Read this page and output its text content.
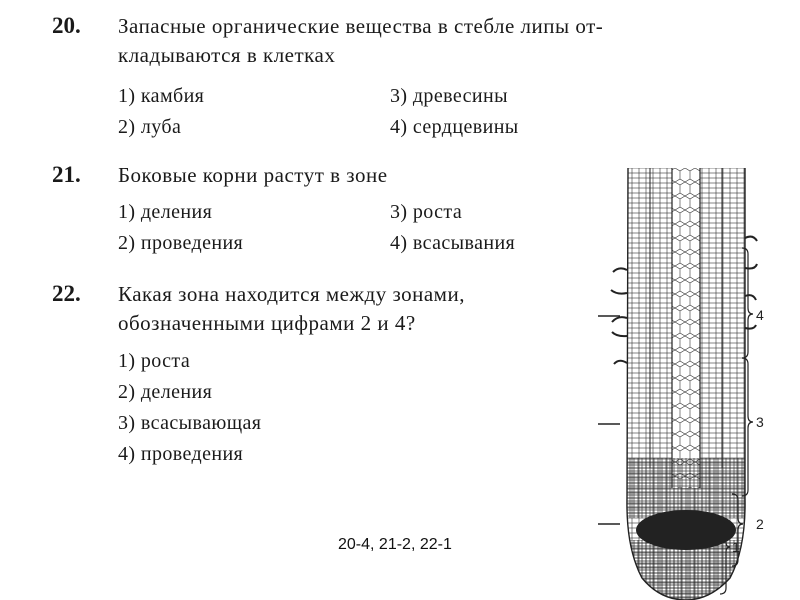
20. Запасные органические вещества в стебле липы от-
кладываются в клетках
1) камбия
2) луба
3) древесины
4) сердцевины
21. Боковые корни растут в зоне
1) деления
2) проведения
3) роста
4) всасывания
22. Какая зона находится между зонами,
обозначенными цифрами 2 и 4?
1) роста
2) деления
3) всасывающая
4) проведения
20-4, 21-2, 22-1
4
3
2
1
